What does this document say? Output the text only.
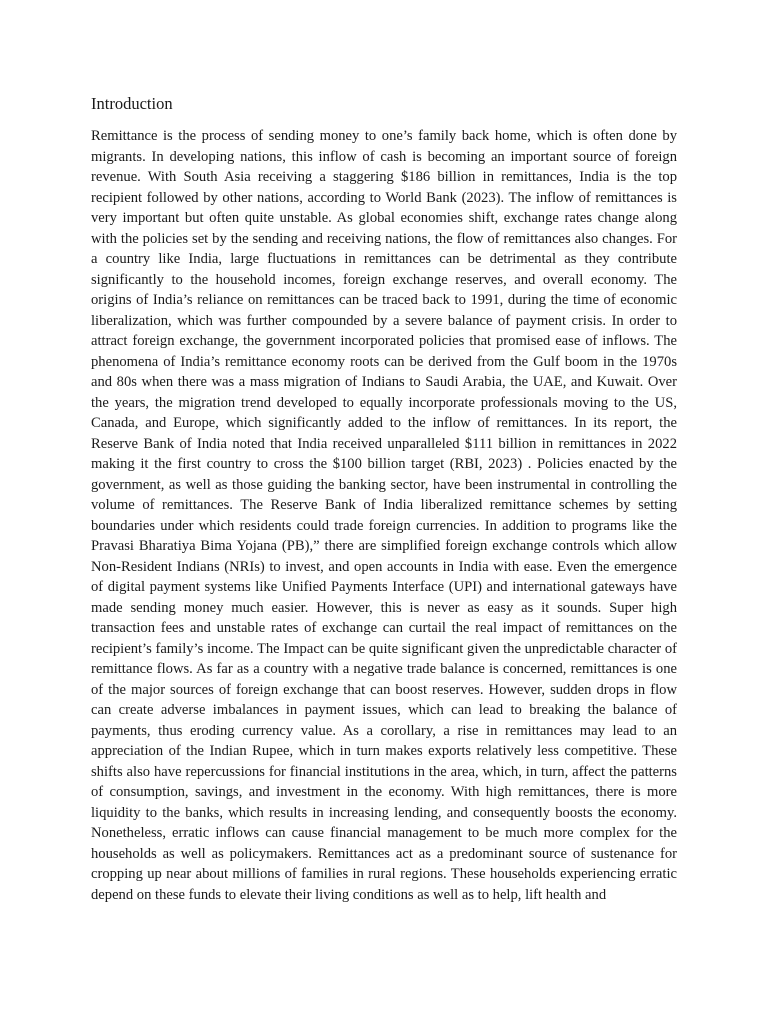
Introduction

Remittance is the process of sending money to one’s family back home, which is often done by migrants. In developing nations, this inflow of cash is becoming an important source of foreign revenue. With South Asia receiving a staggering $186 billion in remittances, India is the top recipient followed by other nations, according to World Bank (2023). The inflow of remittances is very important but often quite unstable. As global economies shift, exchange rates change along with the policies set by the sending and receiving nations, the flow of remittances also changes. For a country like India, large fluctuations in remittances can be detrimental as they contribute significantly to the household incomes, foreign exchange reserves, and overall economy. The origins of India’s reliance on remittances can be traced back to 1991, during the time of economic liberalization, which was further compounded by a severe balance of payment crisis. In order to attract foreign exchange, the government incorporated policies that promised ease of inflows. The phenomena of India’s remittance economy roots can be derived from the Gulf boom in the 1970s and 80s when there was a mass migration of Indians to Saudi Arabia, the UAE, and Kuwait. Over the years, the migration trend developed to equally incorporate professionals moving to the US, Canada, and Europe, which significantly added to the inflow of remittances. In its report, the Reserve Bank of India noted that India received unparalleled $111 billion in remittances in 2022 making it the first country to cross the $100 billion target (RBI, 2023) . Policies enacted by the government, as well as those guiding the banking sector, have been instrumental in controlling the volume of remittances. The Reserve Bank of India liberalized remittance schemes by setting boundaries under which residents could trade foreign currencies. In addition to programs like the Pravasi Bharatiya Bima Yojana (PB),” there are simplified foreign exchange controls which allow Non-Resident Indians (NRIs) to invest, and open accounts in India with ease. Even the emergence of digital payment systems like Unified Payments Interface (UPI) and international gateways have made sending money much easier. However, this is never as easy as it sounds. Super high transaction fees and unstable rates of exchange can curtail the real impact of remittances on the recipient’s family’s income. The Impact can be quite significant given the unpredictable character of remittance flows. As far as a country with a negative trade balance is concerned, remittances is one of the major sources of foreign exchange that can boost reserves. However, sudden drops in flow can create adverse imbalances in payment issues, which can lead to breaking the balance of payments, thus eroding currency value. As a corollary, a rise in remittances may lead to an appreciation of the Indian Rupee, which in turn makes exports relatively less competitive. These shifts also have repercussions for financial institutions in the area, which, in turn, affect the patterns of consumption, savings, and investment in the economy. With high remittances, there is more liquidity to the banks, which results in increasing lending, and consequently boosts the economy. Nonetheless, erratic inflows can cause financial management to be much more complex for the households as well as policymakers. Remittances act as a predominant source of sustenance for cropping up near about millions of families in rural regions. These households experiencing erratic depend on these funds to elevate their living conditions as well as to help, lift health and
